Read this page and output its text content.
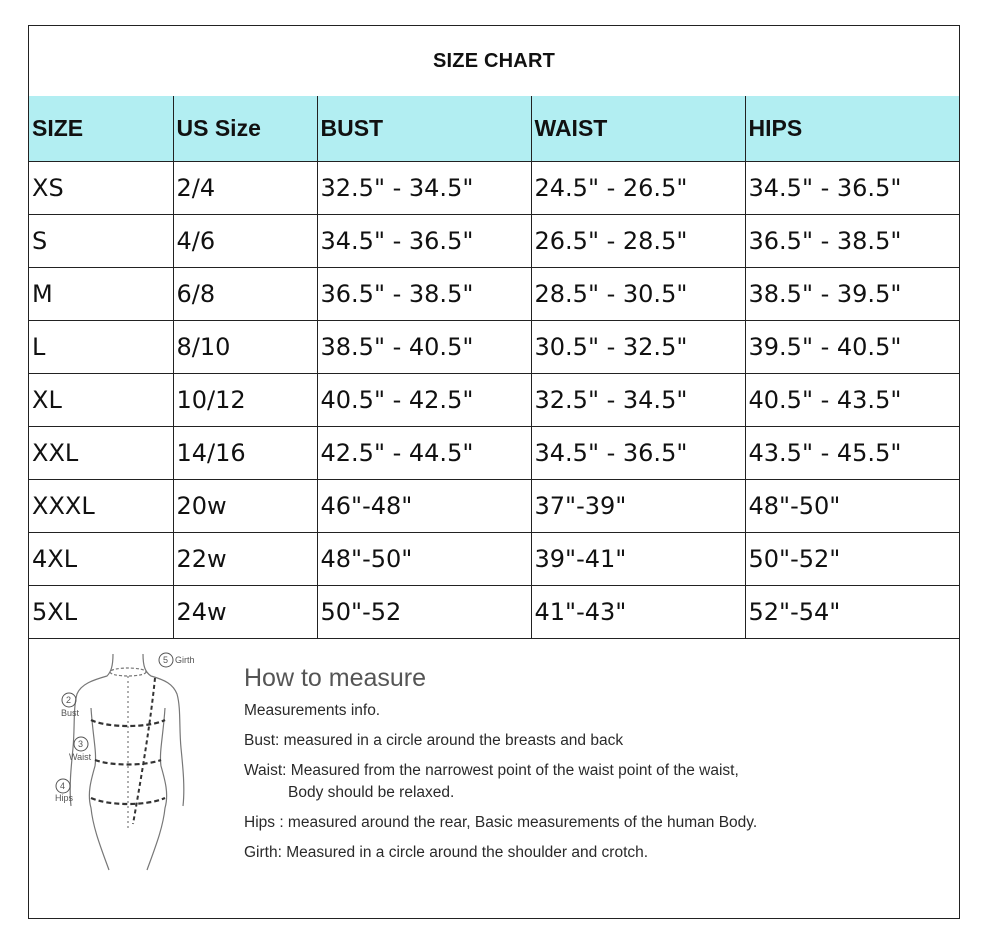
SIZE CHART
SIZE	US Size	BUST	WAIST	HIPS
XS	2/4	32.5" - 34.5"	24.5" - 26.5"	34.5" - 36.5"
S	4/6	34.5" - 36.5"	26.5" - 28.5"	36.5" - 38.5"
M	6/8	36.5" - 38.5"	28.5" - 30.5"	38.5" - 39.5"
L	8/10	38.5" - 40.5"	30.5" - 32.5"	39.5" - 40.5"
XL	10/12	40.5" - 42.5"	32.5" - 34.5"	40.5" - 43.5"
XXL	14/16	42.5" - 44.5"	34.5" - 36.5"	43.5" - 45.5"
XXXL	20w	46"-48"	37"-39"	48"-50"
4XL	22w	48"-50"	39"-41"	50"-52"
5XL	24w	50"-52	41"-43"	52"-54"
5 Girth
2
Bust
3
Waist
4
Hips
How to measure
Measurements info.
Bust: measured in a circle around the breasts and back
Waist: Measured from the narrowest point of the waist point of the waist,
Body should be relaxed.
Hips : measured around the rear, Basic measurements of the human Body.
Girth: Measured in a circle around the shoulder and crotch.
